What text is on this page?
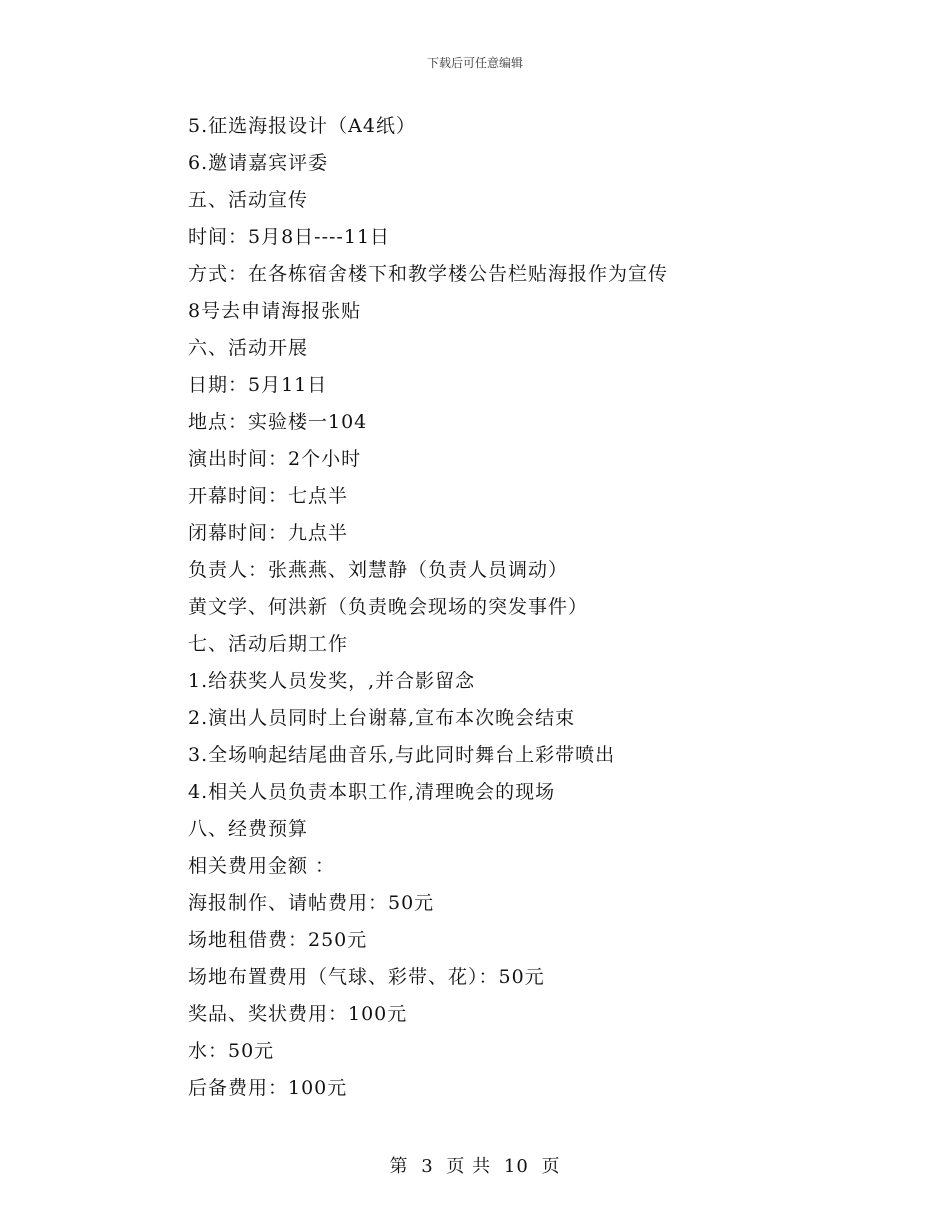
下载后可任意编辑
5.征选海报设计（A4纸）
6.邀请嘉宾评委
五、活动宣传
时间：5月8日----11日
方式：在各栋宿舍楼下和教学楼公告栏贴海报作为宣传
8号去申请海报张贴
六、活动开展
日期：5月11日
地点：实验楼一104
演出时间：2个小时
开幕时间：七点半
闭幕时间：九点半
负责人：张燕燕、刘慧静（负责人员调动）
黄文学、何洪新（负责晚会现场的突发事件）
七、活动后期工作
1.给获奖人员发奖，,并合影留念
2.演出人员同时上台谢幕,宣布本次晚会结束
3.全场响起结尾曲音乐,与此同时舞台上彩带喷出
4.相关人员负责本职工作,清理晚会的现场
八、经费预算
相关费用金额 ：
海报制作、请帖费用：50元
场地租借费：250元
场地布置费用（气球、彩带、花）：50元
奖品、奖状费用：100元
水：50元
后备费用：100元
第 3 页 共 10 页
